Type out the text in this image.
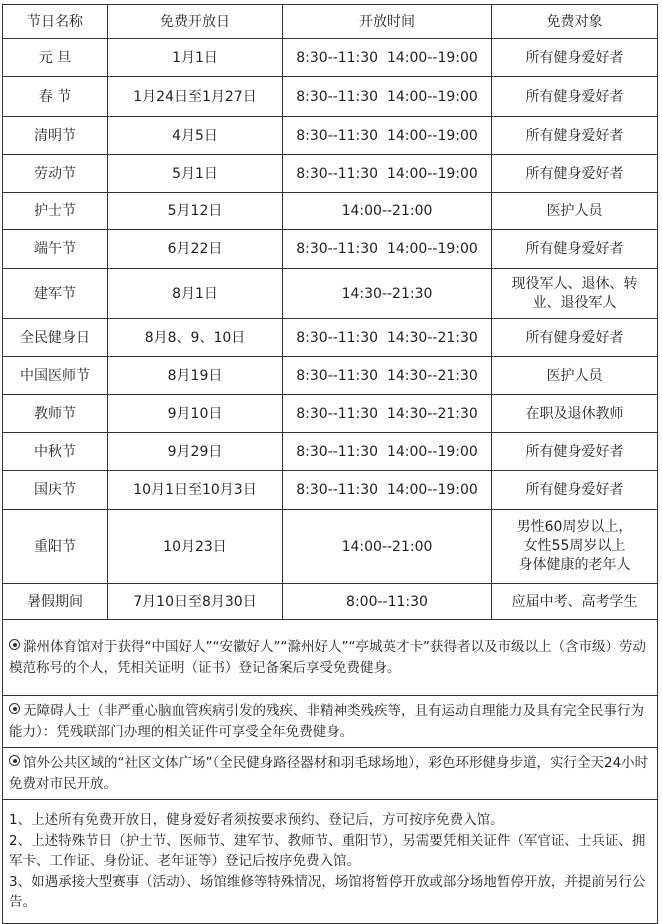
节日名称	免费开放日	开放时间	免费对象
元 旦	1月1日	8:30--11:30  14:00--19:00	所有健身爱好者

春 节	1月24日至1月27日	8:30--11:30  14:00--19:00	所有健身爱好者

清明节	4月5日	8:30--11:30  14:00--19:00	所有健身爱好者

劳动节	5月1日	8:30--11:30  14:00--19:00	所有健身爱好者

护士节	5月12日	14:00--21:00	医护人员

端午节	6月22日	8:30--11:30  14:00--19:00	所有健身爱好者

建军节	8月1日	14:30--21:30	现役军人、退休、转
业、退役军人

全民健身日	8月8、9、10日	8:30--11:30  14:30--21:30	所有健身爱好者

中国医师节	8月19日	8:30--11:30  14:30--21:30	医护人员

教师节	9月10日	8:30--11:30  14:30--21:30	在职及退休教师

中秋节	9月29日	8:30--11:30  14:00--19:00	所有健身爱好者

国庆节	10月1日至10月3日	8:30--11:30  14:00--19:00	所有健身爱好者

重阳节	10月23日	14:00--21:00	男性60周岁以上，
女性55周岁以上
身体健康的老年人

暑假期间	7月10日至8月30日	8:00--11:30	应届中考、高考学生

滁州体育馆对于获得“中国好人”“安徽好人”“滁州好人”“亭城英才卡”获得者以及市级以上（含市级）劳动模范称号的个人，凭相关证明（证书）登记备案后享受免费健身。			
无障碍人士（非严重心脑血管疾病引发的残疾、非精神类残疾等，且有运动自理能力及具有完全民事行为能力）：凭残联部门办理的相关证件可享受全年免费健身。			
馆外公共区域的“社区文体广场”（全民健身路径器材和羽毛球场地），彩色环形健身步道，实行全天24小时免费对市民开放。			

1、上述所有免费开放日，健身爱好者须按要求预约、登记后，方可按序免费入馆。
2、上述特殊节日（护士节、医师节、建军节、教师节、重阳节），另需要凭相关证件（军官证、士兵证、拥军卡、工作证、身份证、老年证等）登记后按序免费入馆。
3、如遇承接大型赛事（活动）、场馆维修等特殊情况，场馆将暂停开放或部分场地暂停开放，并提前另行公告。			
